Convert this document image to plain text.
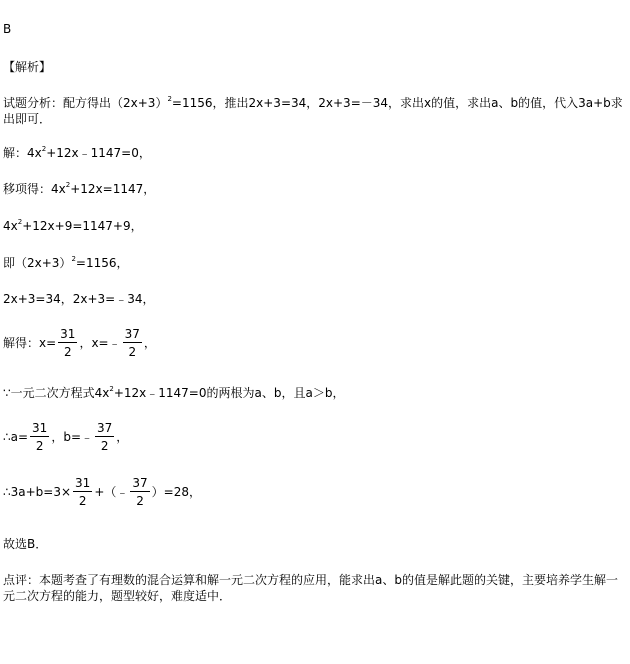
B
【解析】
试题分析：配方得出$(2x+3)^2=1156$，推出2x+3=34，2x+3=－34，求出x的值，求出a、b的值，代入3a+b求出即可．
解：$4x^2+12x﹣1147=0$，
移项得：$4x^2+12x=1147$，
$4x^2+12x+9=1147+9$，
即$(2x+3)^2=1156$，
2x+3=34，2x+3=﹣34，
解得：$x= \frac{31}{2}$ ，x=﹣ $\frac{37}{2}$ ，
∵一元二次方程式$4x^2+12x﹣1147=0$的两根为a、b，且a＞b，
∴a= $\frac{31}{2}$ ，b=﹣ $\frac{37}{2}$ ，
∴3a+b=3× $\frac{31}{2}$ +（﹣ $\frac{37}{2} )=28$，
故选B．
点评：本题考查了有理数的混合运算和解一元二次方程的应用，能求出a、b的值是解此题的关键，主要培养学生解一元二次方程的能力，题型较好，难度适中．
